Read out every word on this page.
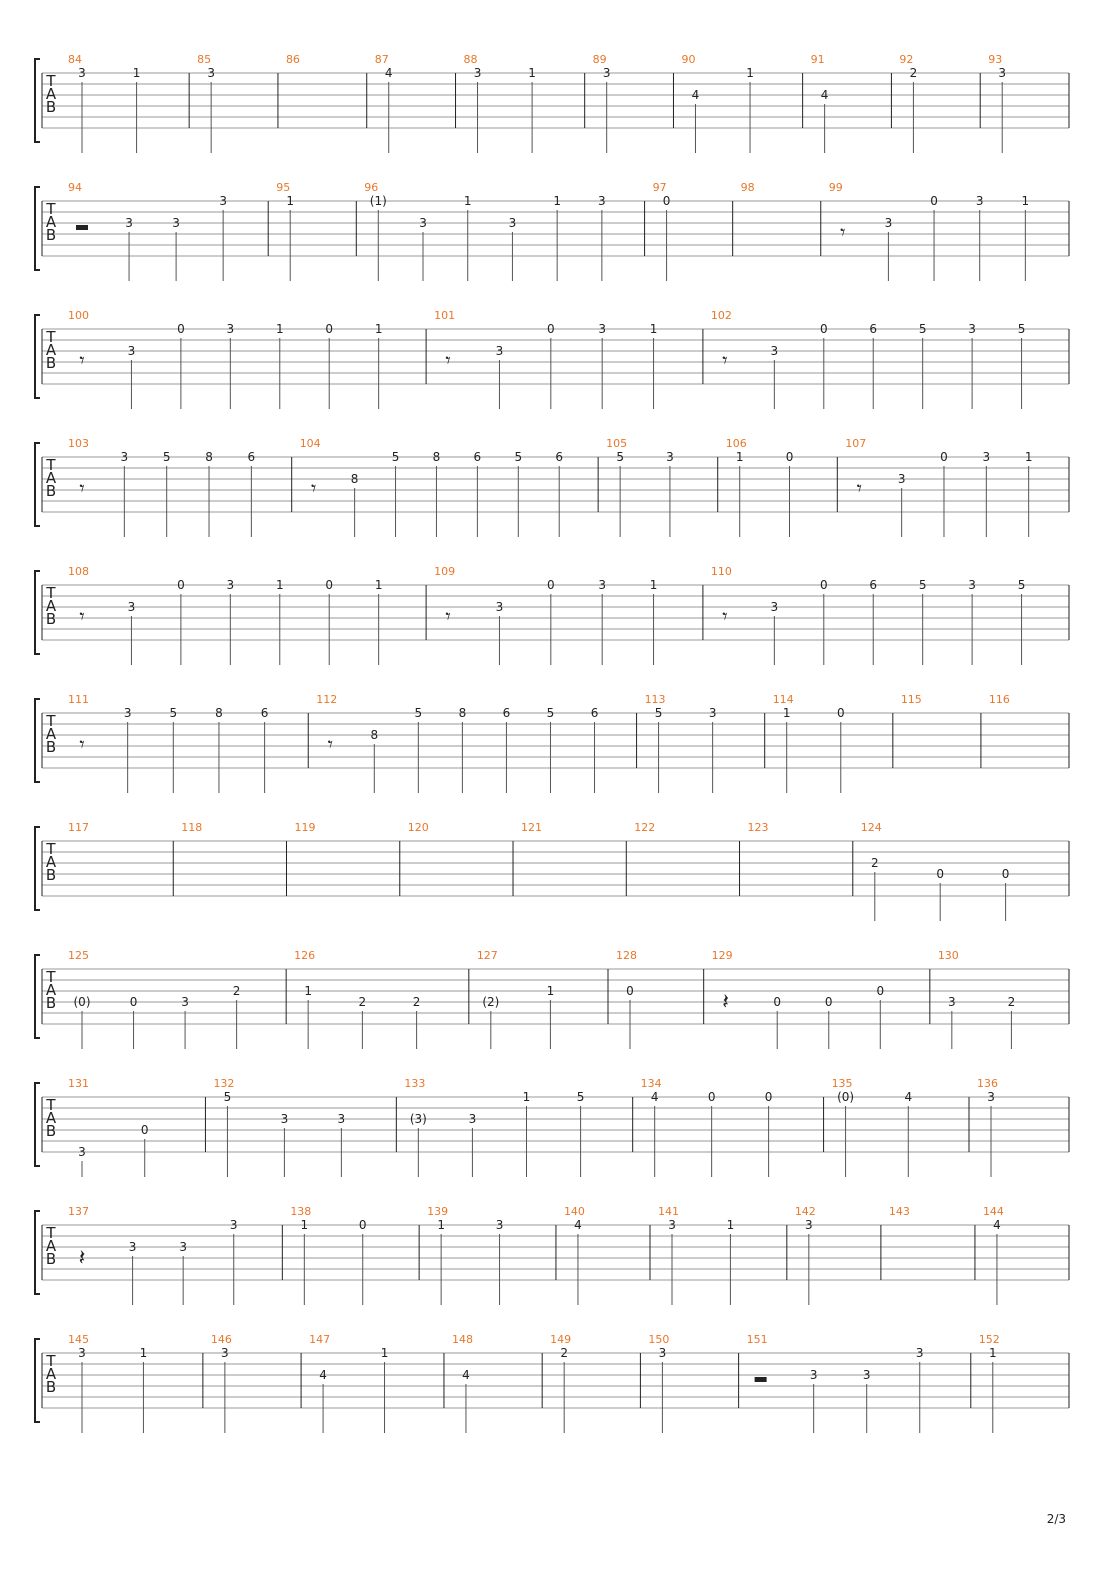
T
A
B
84
3	1
85
3
86	87
4
88
3	1
89
3
90
4
1
91
4
92
2
93
3
T
A
B
94
3	3
3
95
1
96
(1)
3
1
3
1	3
97
0
98	99
𝄾	3
0	3	1
T
A
B
100
𝄾	3
0	3	1	0	1
101
𝄾	3
0	3	1
102
𝄾	3
0	6	5	3	5
T
A
B
103
𝄾
3	5	8	6
104
𝄾	8
5	8	6	5	6
105
5	3
106
1	0
107
𝄾	3
0	3	1
T
A
B
108
𝄾	3
0	3	1	0	1
109
𝄾	3
0	3	1
110
𝄾	3
0	6	5	3	5
T
A
B
111
𝄾
3	5	8	6
112
𝄾	8
5	8	6	5	6
113
5	3
114
1	0
115	116
T
A
B
117	118	119	120	121	122	123	124
2
0	0
T
A
B
125
(0)	0	3
2
126
1
2	2
127
(2)
1
128
0
129
𝄽	0	0
0
130
3	2
T
A
B
131
3
0
132
5
3	3
133
(3)	3
1	5
134
4	0	0
135
(0)	4
136
3
T
A
B
137
𝄽	3	3
3
138
1	0
139
1	3
140
4
141
3	1
142
3
143	144
4
T
A
B
145
3	1
146
3
147
4
1
148
4
149
2
150
3
151
3	3
3
152
1
2/3
